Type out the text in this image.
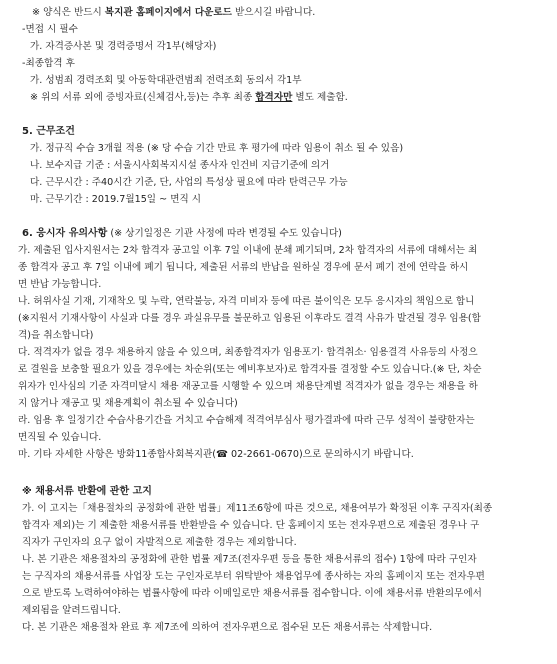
※ 양식은 반드시 복지관 홈페이지에서 다운로드 받으시길 바랍니다.
-면접 시 필수
가. 자격증사본 및 경력증명서 각1부(해당자)
-최종합격 후
가. 성범죄 경력조회 및 아동학대관련범죄 전력조회 동의서 각1부
※ 위의 서류 외에 증빙자료(신체검사,등)는 추후 최종 합격자만 별도 제출함.
5. 근무조건
가. 정규직 수습 3개월 적용 (※ 당 수습 기간 만료 후 평가에 따라 임용이 취소 될 수 있음)
나. 보수지급 기준 : 서울시사회복지시설 종사자 인건비 지급기준에 의거
다. 근무시간 : 주40시간 기준, 단, 사업의 특성상 필요에 따라 탄력근무 가능
마. 근무기간 : 2019.7월15일 ~ 면직 시
6. 응시자 유의사항 (※ 상기일정은 기관 사정에 따라 변경될 수도 있습니다)
가. 제출된 입사지원서는 2차 합격자 공고일 이후 7일 이내에 분쇄 폐기되며, 2차 합격자의 서류에 대해서는 최
종 합격자 공고 후 7일 이내에 폐기 됩니다, 제출된 서류의 반납을 원하실 경우에 문서 폐기 전에 연락을 하시
면 반납 가능합니다.
나. 허위사실 기재, 기재착오 및 누락, 연락불능, 자격 미비자 등에 따른 불이익은 모두 응시자의 책임으로 합니
(※지원서 기재사항이 사실과 다를 경우 과실유무를 불문하고 임용된 이후라도 결격 사유가 발견될 경우 임용(합
격)을 취소합니다)
다. 적격자가 없을 경우 채용하지 않을 수 있으며, 최종합격자가 임용포기· 합격취소· 임용결격 사유등의 사정으
로 결원을 보충할 필요가 있을 경우에는 차순위(또는 예비후보자)로 합격자를 결정할 수도 있습니다.(※ 단, 차순
위자가 인사심의 기준 자격미달시 채용 재공고를 시행할 수 있으며 채용단계별 적격자가 없을 경우는 채용을 하
지 않거나 재공고 및 채용계획이 취소될 수 있습니다)
라. 임용 후 일정기간 수습사용기간을 거치고 수습해제 적격여부심사 평가결과에 따라 근무 성적이 불량한자는
면직될 수 있습니다.
마. 기타 자세한 사항은 방화11종합사회복지관(☎ 02-2661-0670)으로 문의하시기 바랍니다.
※ 채용서류 반환에 관한 고지
가. 이 고지는「채용절차의 공정화에 관한 법률」제11조6항에 따른 것으로, 채용여부가 확정된 이후 구직자(최종
합격자 제외)는 기 제출한 채용서류를 반환받을 수 있습니다. 단 홈페이지 또는 전자우편으로 제출된 경우나 구
직자가 구인자의 요구 없이 자발적으로 제출한 경우는 제외합니다.
나. 본 기관은 채용절차의 공정화에 관한 법률 제7조(전자우편 등을 통한 채용서류의 접수) 1항에 따라 구인자
는 구직자의 채용서류를 사업장 도는 구인자로부터 위탁받아 채용업무에 종사하는 자의 홈페이지 또는 전자우편
으로 받도록 노력하여야하는 법률사항에 따라 이메일로만 채용서류를 접수합니다. 이에 채용서류 반환의무에서
제외됨을 알려드립니다.
다. 본 기관은 채용절차 완료 후 제7조에 의하여 전자우편으로 접수된 모든 채용서류는 삭제합니다.
